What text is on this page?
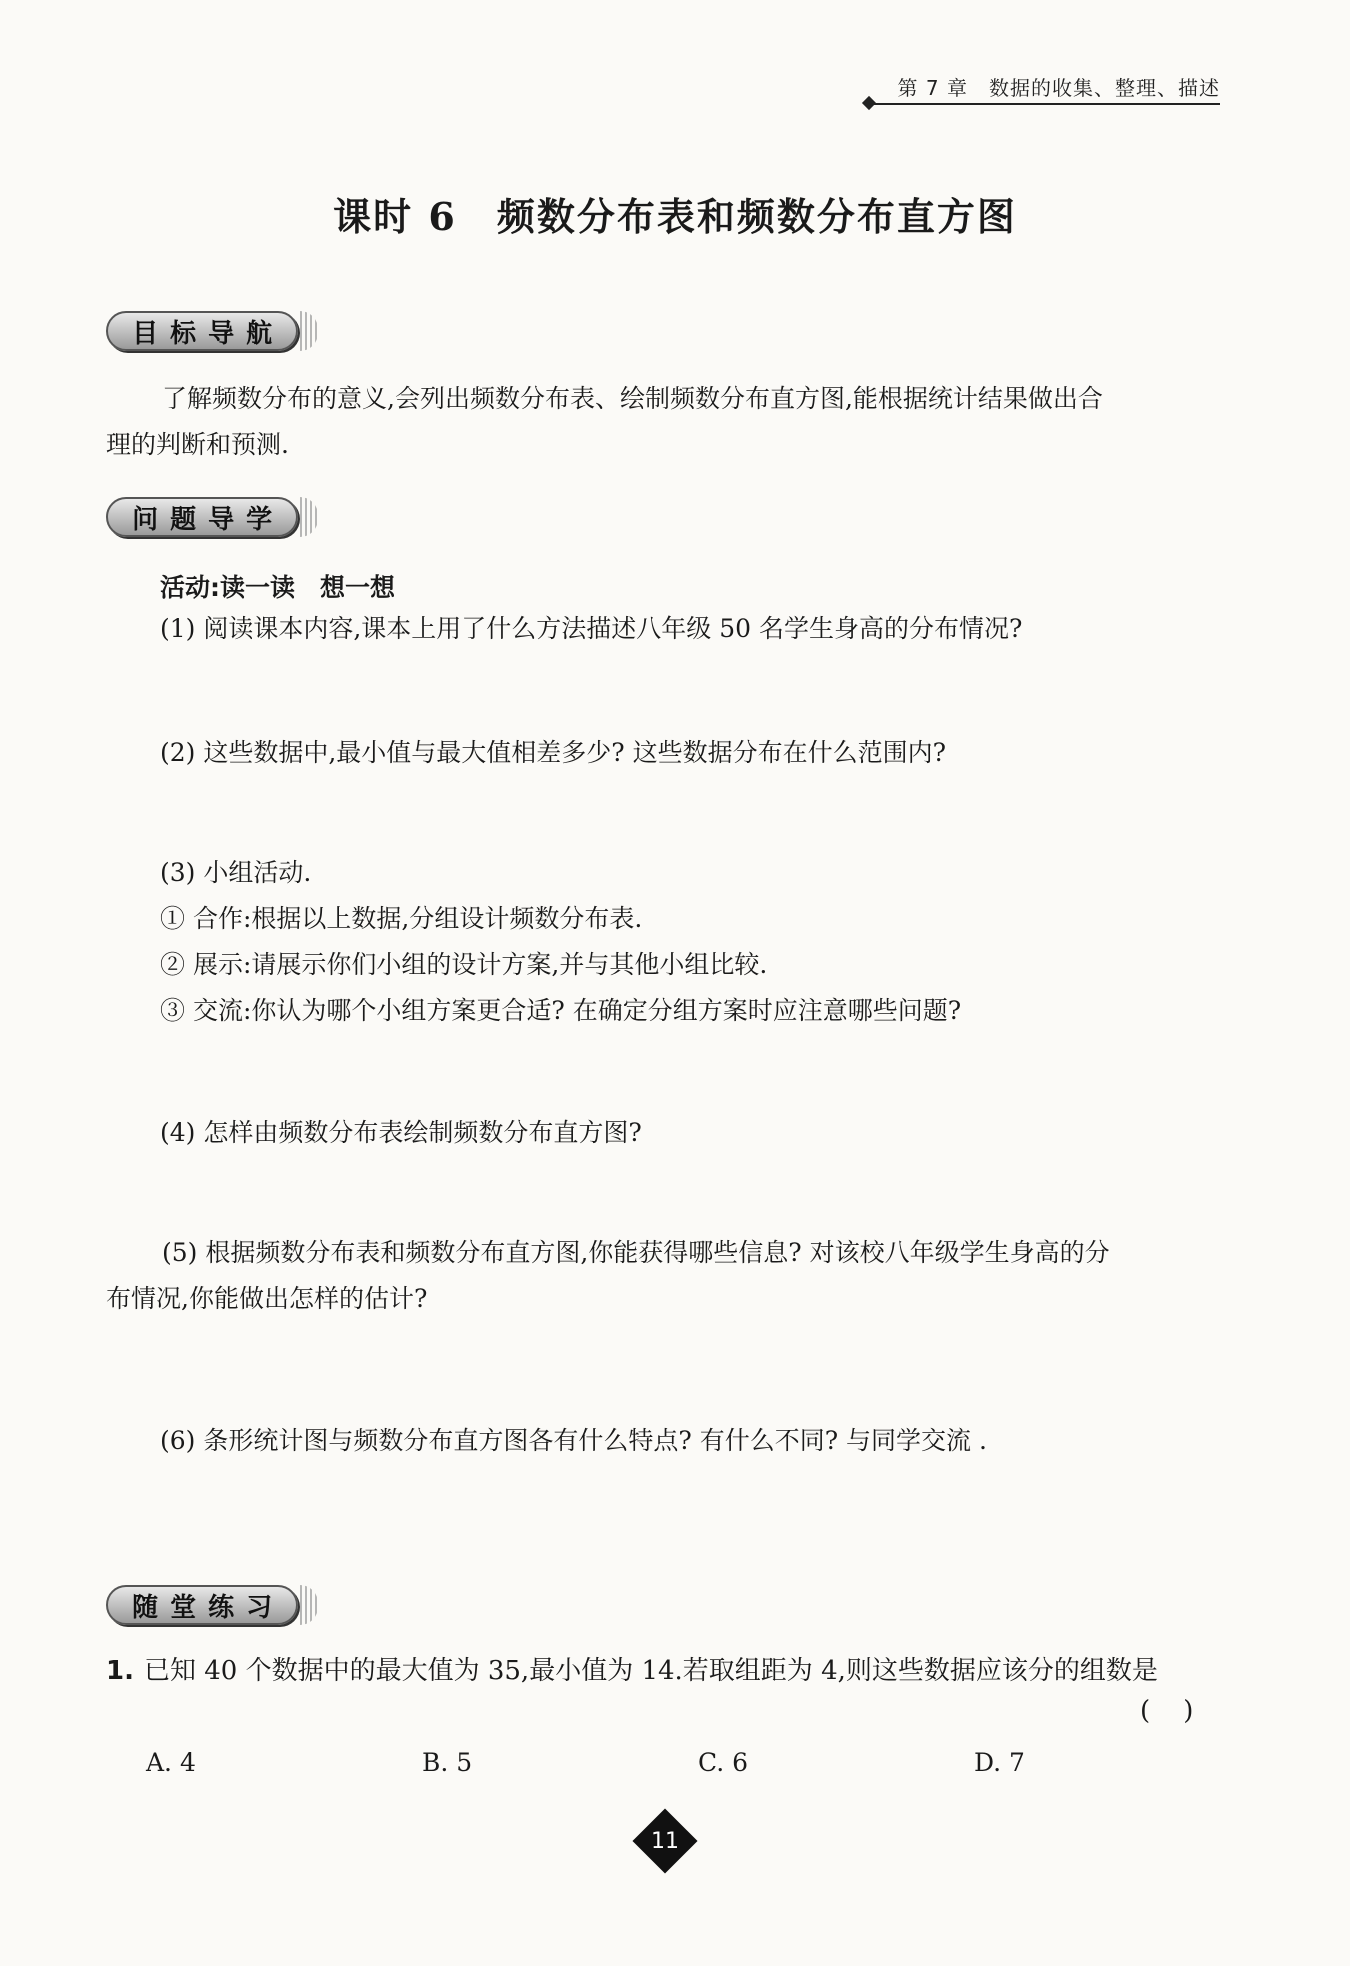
第 7 章　数据的收集、整理、描述
课时 6　频数分布表和频数分布直方图
目标导航
了解频数分布的意义,会列出频数分布表、绘制频数分布直方图,能根据统计结果做出合
理的判断和预测.
问题导学
活动:读一读　想一想
(1) 阅读课本内容,课本上用了什么方法描述八年级 50 名学生身高的分布情况?
(2) 这些数据中,最小值与最大值相差多少? 这些数据分布在什么范围内?
(3) 小组活动.
① 合作:根据以上数据,分组设计频数分布表.
② 展示:请展示你们小组的设计方案,并与其他小组比较.
③ 交流:你认为哪个小组方案更合适? 在确定分组方案时应注意哪些问题?
(4) 怎样由频数分布表绘制频数分布直方图?
(5) 根据频数分布表和频数分布直方图,你能获得哪些信息? 对该校八年级学生身高的分
布情况,你能做出怎样的估计?
(6) 条形统计图与频数分布直方图各有什么特点? 有什么不同? 与同学交流 .
随堂练习
1. 已知 40 个数据中的最大值为 35,最小值为 14.若取组距为 4,则这些数据应该分的组数是
(    )
A. 4	B. 5	C. 6	D. 7
11
